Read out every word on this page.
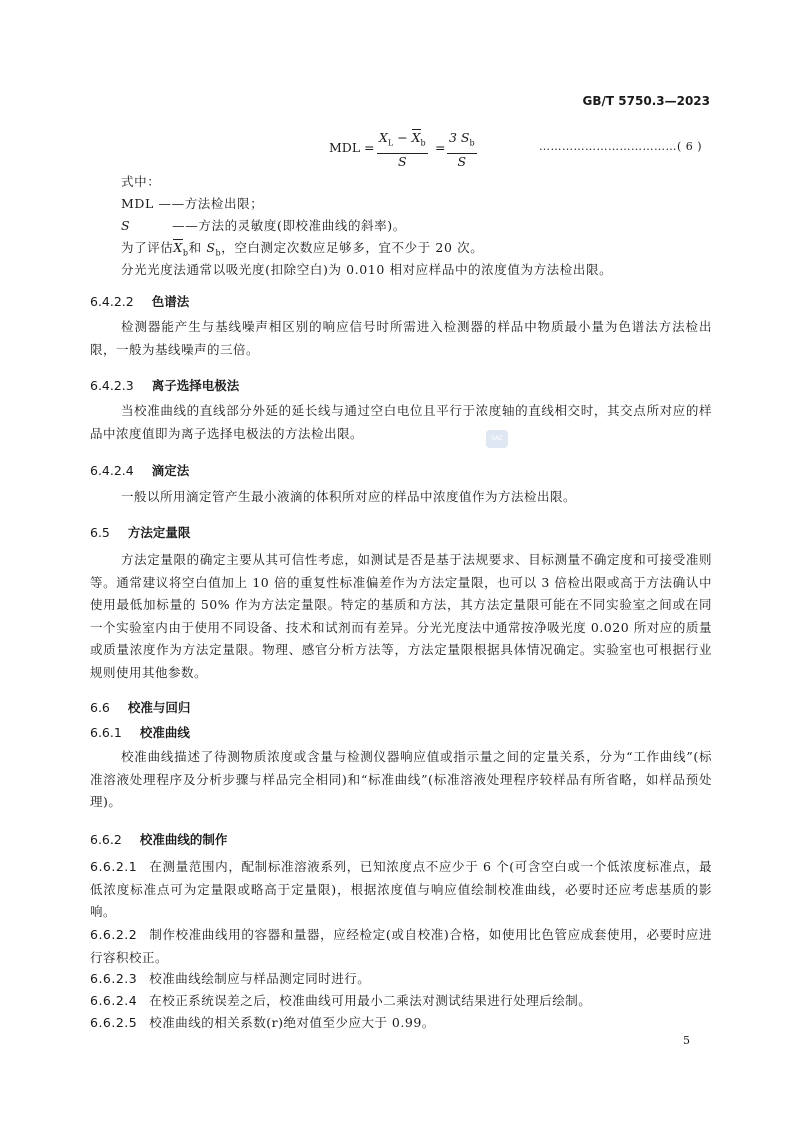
GB/T 5750.3—2023
MDL = $\frac{X_L - X_b}{S} = \frac{3 S_b}{S}$	………………………………( 6 )
式中：
MDL ——方法检出限；
S	——方法的灵敏度(即校准曲线的斜率)。
为了评估$X_b$和 $S_b$，空白测定次数应足够多，宜不少于 20 次。
分光光度法通常以吸光度(扣除空白)为 0.010 相对应样品中的浓度值为方法检出限。
6.4.2.2 色谱法
检测器能产生与基线噪声相区别的响应信号时所需进入检测器的样品中物质最小量为色谱法方法检出限，一般为基线噪声的三倍。
6.4.2.3 离子选择电极法
当校准曲线的直线部分外延的延长线与通过空白电位且平行于浓度轴的直线相交时，其交点所对应的样品中浓度值即为离子选择电极法的方法检出限。	SAC
6.4.2.4 滴定法
一般以所用滴定管产生最小液滴的体积所对应的样品中浓度值作为方法检出限。
6.5 方法定量限
方法定量限的确定主要从其可信性考虑，如测试是否是基于法规要求、目标测量不确定度和可接受准则等。通常建议将空白值加上 10 倍的重复性标准偏差作为方法定量限，也可以 3 倍检出限或高于方法确认中使用最低加标量的 50% 作为方法定量限。特定的基质和方法，其方法定量限可能在不同实验室之间或在同一个实验室内由于使用不同设备、技术和试剂而有差异。分光光度法中通常按净吸光度 0.020 所对应的质量或质量浓度作为方法定量限。物理、感官分析方法等，方法定量限根据具体情况确定。实验室也可根据行业规则使用其他参数。
6.6 校准与回归
6.6.1 校准曲线
校准曲线描述了待测物质浓度或含量与检测仪器响应值或指示量之间的定量关系，分为“工作曲线”(标准溶液处理程序及分析步骤与样品完全相同)和“标准曲线”(标准溶液处理程序较样品有所省略，如样品预处理)。
6.6.2 校准曲线的制作
6.6.2.1 在测量范围内，配制标准溶液系列，已知浓度点不应少于 6 个(可含空白或一个低浓度标准点，最低浓度标准点可为定量限或略高于定量限)，根据浓度值与响应值绘制校准曲线，必要时还应考虑基质的影响。
6.6.2.2 制作校准曲线用的容器和量器，应经检定(或自校准)合格，如使用比色管应成套使用，必要时应进行容积校正。
6.6.2.3 校准曲线绘制应与样品测定同时进行。
6.6.2.4 在校正系统误差之后，校准曲线可用最小二乘法对测试结果进行处理后绘制。
6.6.2.5 校准曲线的相关系数(r)绝对值至少应大于 0.99。
5
